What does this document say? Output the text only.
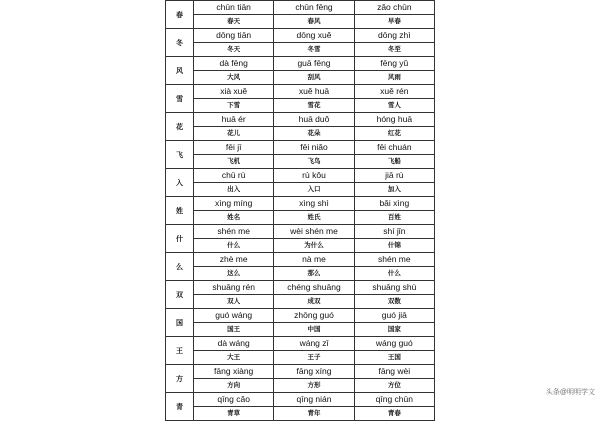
春	chūn tiān	chūn fēng	zǎo chūn
	春天	春风	早春
冬	dōng tiān	dōng xuě	dōng zhì
	冬天	冬雪	冬至
风	dà fēng	guā fēng	fēng yǔ
	大风	刮风	风雨
雪	xià xuě	xuě huā	xuě rén
	下雪	雪花	雪人
花	huā ér	huā duǒ	hóng huā
	花儿	花朵	红花
飞	fēi jī	fēi niǎo	fēi chuán
	飞机	飞鸟	飞船
入	chū rù	rù kǒu	jiā rù
	出入	入口	加入
姓	xìng míng	xìng shì	bǎi xìng
	姓名	姓氏	百姓
什	shén me	wèi shén me	shí jǐn
	什么	为什么	什锦
么	zhè me	nà me	shén me
	这么	那么	什么
双	shuāng rén	chéng shuāng	shuāng shù
	双人	成双	双数
国	guó wáng	zhōng guó	guó jiā
	国王	中国	国家
王	dà wáng	wáng zǐ	wáng guó
	大王	王子	王国
方	fāng xiàng	fāng xíng	fāng wèi
	方向	方形	方位
青	qīng cǎo	qīng nián	qīng chūn
	青草	青年	青春
头条@明明学文
